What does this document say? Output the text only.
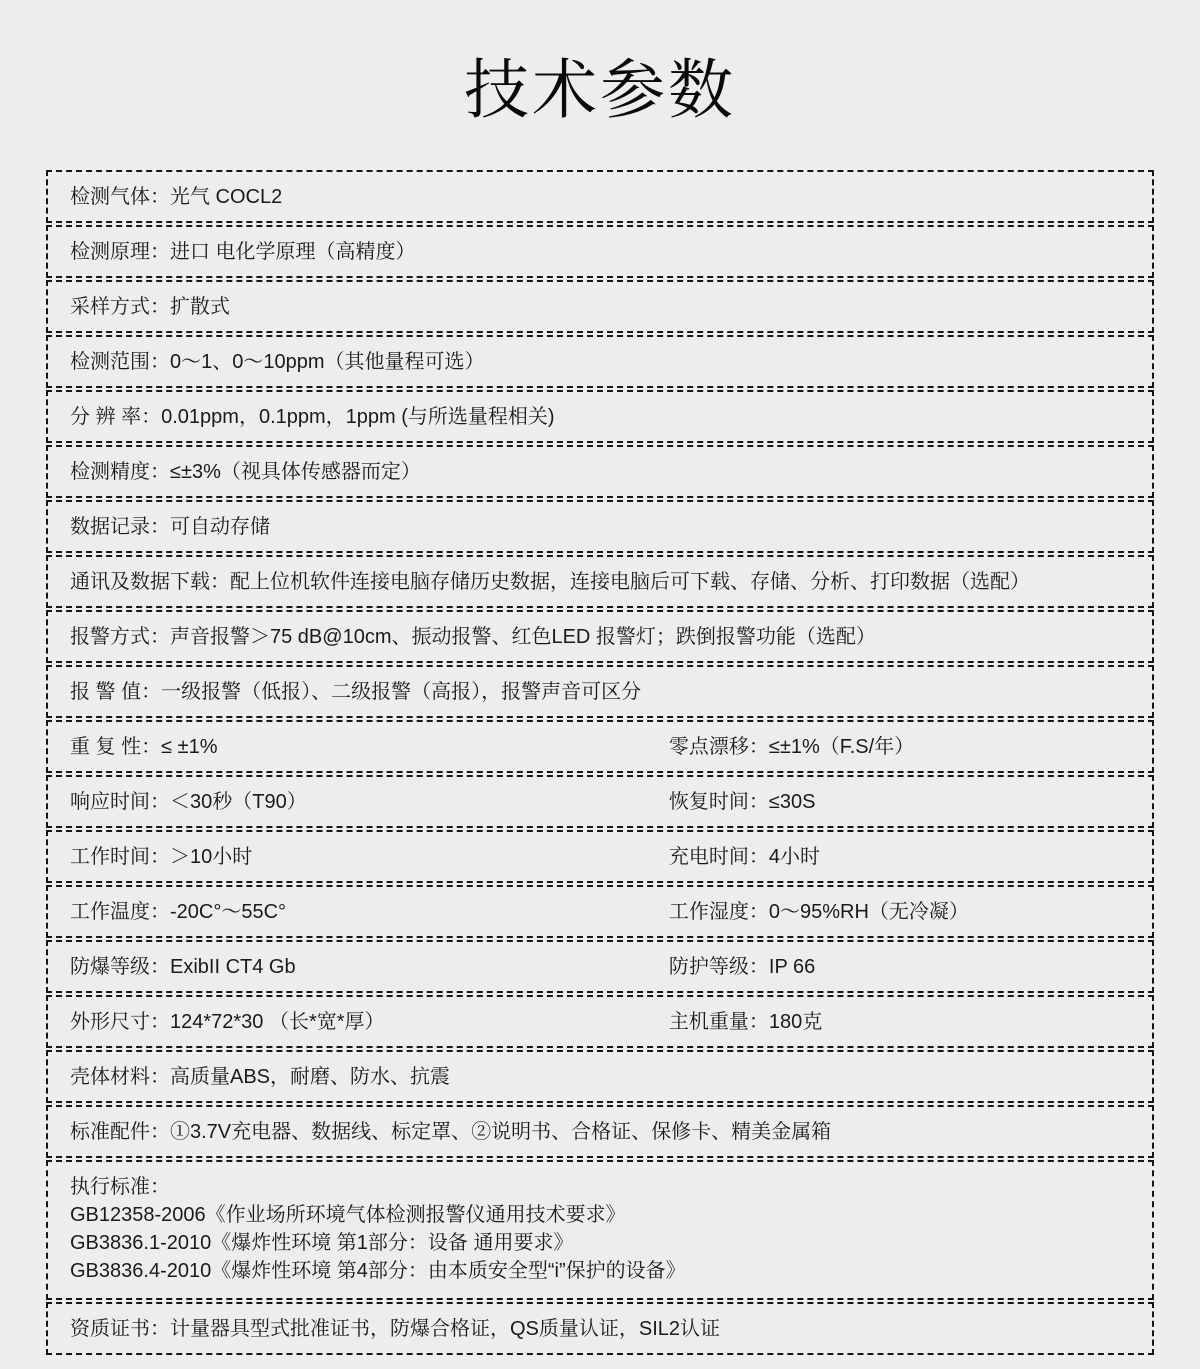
技术参数
检测气体：光气 COCL2
检测原理：进口 电化学原理（高精度）
采样方式：扩散式
检测范围：0～1、0～10ppm（其他量程可选）
分 辨 率：0.01ppm，0.1ppm，1ppm (与所选量程相关)
检测精度：≤±3%（视具体传感器而定）
数据记录：可自动存储
通讯及数据下载：配上位机软件连接电脑存储历史数据，连接电脑后可下载、存储、分析、打印数据（选配）
报警方式：声音报警＞75 dB@10cm、振动报警、红色LED 报警灯；跌倒报警功能（选配）
报 警 值：一级报警（低报）、二级报警（高报），报警声音可区分
重 复 性：≤ ±1%	零点漂移：≤±1%（F.S/年）
响应时间：＜30秒（T90）	恢复时间：≤30S
工作时间：＞10小时	充电时间：4小时
工作温度：-20C°～55C°	工作湿度：0～95%RH（无冷凝）
防爆等级：ExibII CT4 Gb	防护等级：IP 66
外形尺寸：124*72*30 （长*宽*厚）	主机重量：180克
壳体材料：高质量ABS，耐磨、防水、抗震
标准配件：①3.7V充电器、数据线、标定罩、②说明书、合格证、保修卡、精美金属箱
执行标准：
GB12358-2006《作业场所环境气体检测报警仪通用技术要求》
GB3836.1-2010《爆炸性环境 第1部分：设备 通用要求》
GB3836.4-2010《爆炸性环境 第4部分：由本质安全型“i”保护的设备》
资质证书：计量器具型式批准证书，防爆合格证，QS质量认证，SIL2认证
